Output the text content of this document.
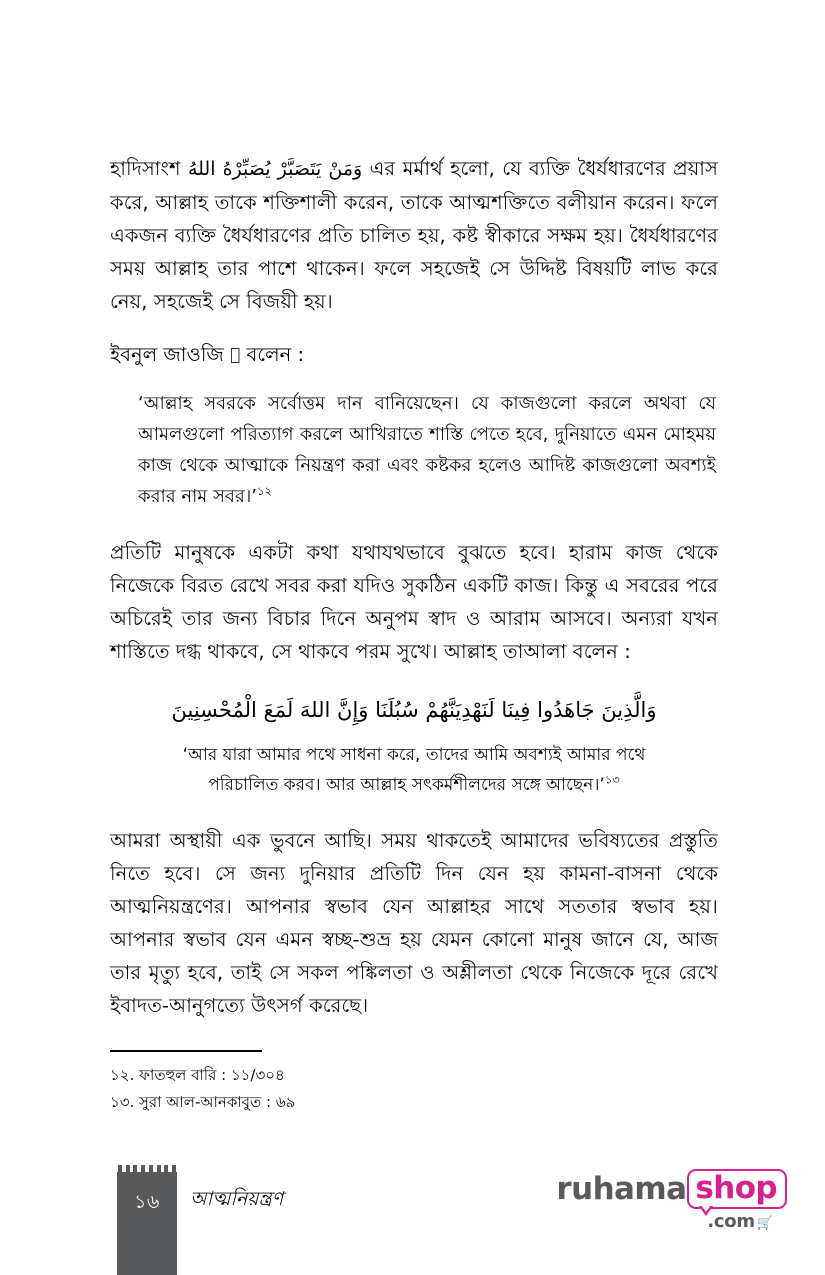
হাদিসাংশ وَمَنْ يَتَصَبَّرْ يُصَبِّرْهُ اللهُ এর মর্মার্থ হলো, যে ব্যক্তি ধৈর্যধারণের প্রয়াস করে, আল্লাহ তাকে শক্তিশালী করেন, তাকে আত্মশক্তিতে বলীয়ান করেন। ফলে একজন ব্যক্তি ধৈর্যধারণের প্রতি চালিত হয়, কষ্ট স্বীকারে সক্ষম হয়। ধৈর্যধারণের সময় আল্লাহ তার পাশে থাকেন। ফলে সহজেই সে উদ্দিষ্ট বিষয়টি লাভ করে নেয়, সহজেই সে বিজয়ী হয়।

ইবনুল জাওজি ﷫ বলেন :

‘আল্লাহ সবরকে সর্বোত্তম দান বানিয়েছেন। যে কাজগুলো করলে অথবা যে আমলগুলো পরিত্যাগ করলে আখিরাতে শাস্তি পেতে হবে, দুনিয়াতে এমন মোহময় কাজ থেকে আত্মাকে নিয়ন্ত্রণ করা এবং কষ্টকর হলেও আদিষ্ট কাজগুলো অবশ্যই করার নাম সবর।’$^{১২}$

প্রতিটি মানুষকে একটা কথা যথাযথভাবে বুঝতে হবে। হারাম কাজ থেকে নিজেকে বিরত রেখে সবর করা যদিও সুকঠিন একটি কাজ। কিন্তু এ সবরের পরে অচিরেই তার জন্য বিচার দিনে অনুপম স্বাদ ও আরাম আসবে। অন্যরা যখন শাস্তিতে দগ্ধ থাকবে, সে থাকবে পরম সুখে। আল্লাহ তাআলা বলেন :

وَالَّذِينَ جَاهَدُوا فِينَا لَنَهْدِيَنَّهُمْ سُبُلَنَا وَإِنَّ اللهَ لَمَعَ الْمُحْسِنِينَ

‘আর যারা আমার পথে সাধনা করে, তাদের আমি অবশ্যই আমার পথে পরিচালিত করব। আর আল্লাহ সৎকর্মশীলদের সঙ্গে আছেন।’$^{১৩}$

আমরা অস্থায়ী এক ভুবনে আছি। সময় থাকতেই আমাদের ভবিষ্যতের প্রস্তুতি নিতে হবে। সে জন্য দুনিয়ার প্রতিটি দিন যেন হয় কামনা-বাসনা থেকে আত্মনিয়ন্ত্রণের। আপনার স্বভাব যেন আল্লাহর সাথে সততার স্বভাব হয়। আপনার স্বভাব যেন এমন স্বচ্ছ-শুভ্র হয় যেমন কোনো মানুষ জানে যে, আজ তার মৃত্যু হবে, তাই সে সকল পঙ্কিলতা ও অশ্লীলতা থেকে নিজেকে দূরে রেখে ইবাদত-আনুগত্যে উৎসর্গ করেছে।

১২. ফাতহুল বারি : ১১/৩০৪
১৩. সুরা আল-আনকাবুত : ৬৯
১৬	আত্মনিয়ন্ত্রণ	ruhama shop
.com 🛒
